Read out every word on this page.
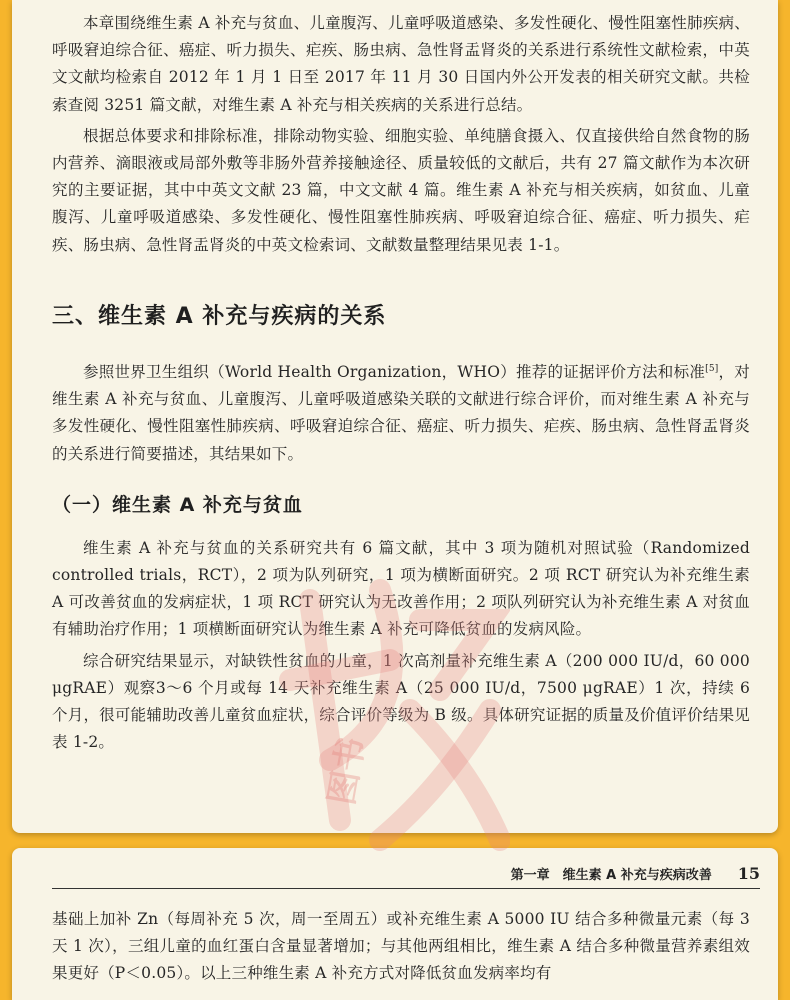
本章围绕维生素 A 补充与贫血、儿童腹泻、儿童呼吸道感染、多发性硬化、慢性阻塞性肺疾病、呼吸窘迫综合征、癌症、听力损失、疟疾、肠虫病、急性肾盂肾炎的关系进行系统性文献检索，中英文文献均检索自 2012 年 1 月 1 日至 2017 年 11 月 30 日国内外公开发表的相关研究文献。共检索查阅 3251 篇文献，对维生素 A 补充与相关疾病的关系进行总结。

根据总体要求和排除标准，排除动物实验、细胞实验、单纯膳食摄入、仅直接供给自然食物的肠内营养、滴眼液或局部外敷等非肠外营养接触途径、质量较低的文献后，共有 27 篇文献作为本次研究的主要证据，其中中英文文献 23 篇，中文文献 4 篇。维生素 A 补充与相关疾病，如贫血、儿童腹泻、儿童呼吸道感染、多发性硬化、慢性阻塞性肺疾病、呼吸窘迫综合征、癌症、听力损失、疟疾、肠虫病、急性肾盂肾炎的中英文检索词、文献数量整理结果见表 1-1。

三、维生素 A 补充与疾病的关系

参照世界卫生组织（World Health Organization，WHO）推荐的证据评价方法和标准[5]，对维生素 A 补充与贫血、儿童腹泻、儿童呼吸道感染关联的文献进行综合评价，而对维生素 A 补充与多发性硬化、慢性阻塞性肺疾病、呼吸窘迫综合征、癌症、听力损失、疟疾、肠虫病、急性肾盂肾炎的关系进行简要描述，其结果如下。

（一）维生素 A 补充与贫血

维生素 A 补充与贫血的关系研究共有 6 篇文献，其中 3 项为随机对照试验（Randomized controlled trials，RCT），2 项为队列研究，1 项为横断面研究。2 项 RCT 研究认为补充维生素 A 可改善贫血的发病症状，1 项 RCT 研究认为无改善作用；2 项队列研究认为补充维生素 A 对贫血有辅助治疗作用；1 项横断面研究认为维生素 A 补充可降低贫血的发病风险。

综合研究结果显示，对缺铁性贫血的儿童，1 次高剂量补充维生素 A（200 000 IU/d，60 000 μgRAE）观察3～6 个月或每 14 天补充维生素 A（25 000 IU/d，7500 μgRAE）1 次，持续 6 个月，很可能辅助改善儿童贫血症状，综合评价等级为 B 级。具体研究证据的质量及价值评价结果见表 1-2。

第一章　维生素 A 补充与疾病改善 15

基础上加补 Zn（每周补充 5 次，周一至周五）或补充维生素 A 5000 IU 结合多种微量元素（每 3 天 1 次），三组儿童的血红蛋白含量显著增加；与其他两组相比，维生素 A 结合多种微量营养素组效果更好（P＜0.05）。以上三种维生素 A 补充方式对降低贫血发病率均有

图书
